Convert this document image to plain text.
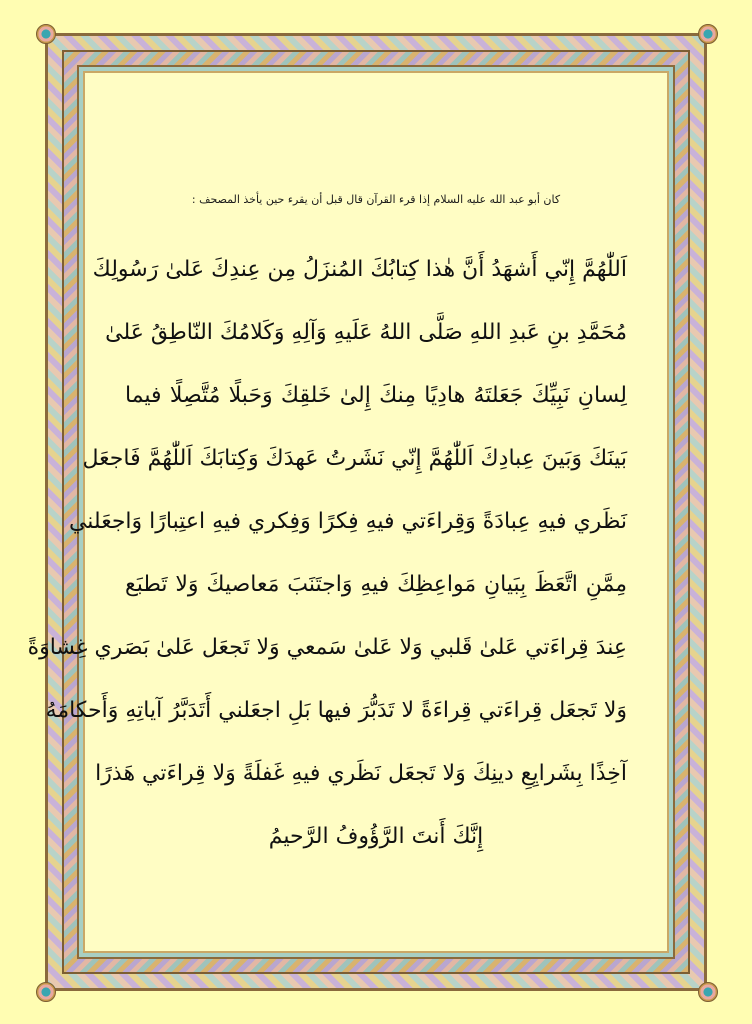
كان أبو عبد الله عليه السلام إذا قرء القرآن قال قبل أن يقرء حين يأخذ المصحف :
اَللّٰهُمَّ إِنّي أَشهَدُ أَنَّ هٰذا كِتابُكَ المُنزَلُ مِن عِندِكَ عَلىٰ رَسُولِكَ
مُحَمَّدِ بنِ عَبدِ اللهِ صَلَّى اللهُ عَلَيهِ وَآلِهِ وَكَلامُكَ النّاطِقُ عَلىٰ
لِسانِ نَبِيِّكَ جَعَلتَهُ هادِيًا مِنكَ إِلىٰ خَلقِكَ وَحَبلًا مُتَّصِلًا فيما
بَينَكَ وَبَينَ عِبادِكَ اَللّٰهُمَّ إِنّي نَشَرتُ عَهدَكَ وَكِتابَكَ اَللّٰهُمَّ فَاجعَل
نَظَري فيهِ عِبادَةً وَقِراءَتي فيهِ فِكرًا وَفِكري فيهِ اعتِبارًا وَاجعَلني
مِمَّنِ اتَّعَظَ بِبَيانِ مَواعِظِكَ فيهِ وَاجتَنَبَ مَعاصيكَ وَلا تَطبَع
عِندَ قِراءَتي عَلىٰ قَلبي وَلا عَلىٰ سَمعي وَلا تَجعَل عَلىٰ بَصَري غِشاوَةً
وَلا تَجعَل قِراءَتي قِراءَةً لا تَدَبُّرَ فيها بَلِ اجعَلني أَتَدَبَّرُ آياتِهِ وَأَحكامَهُ
آخِذًا بِشَرايِعِ دينِكَ وَلا تَجعَل نَظَري فيهِ غَفلَةً وَلا قِراءَتي هَذرًا
إِنَّكَ أَنتَ الرَّؤُوفُ الرَّحيمُ
